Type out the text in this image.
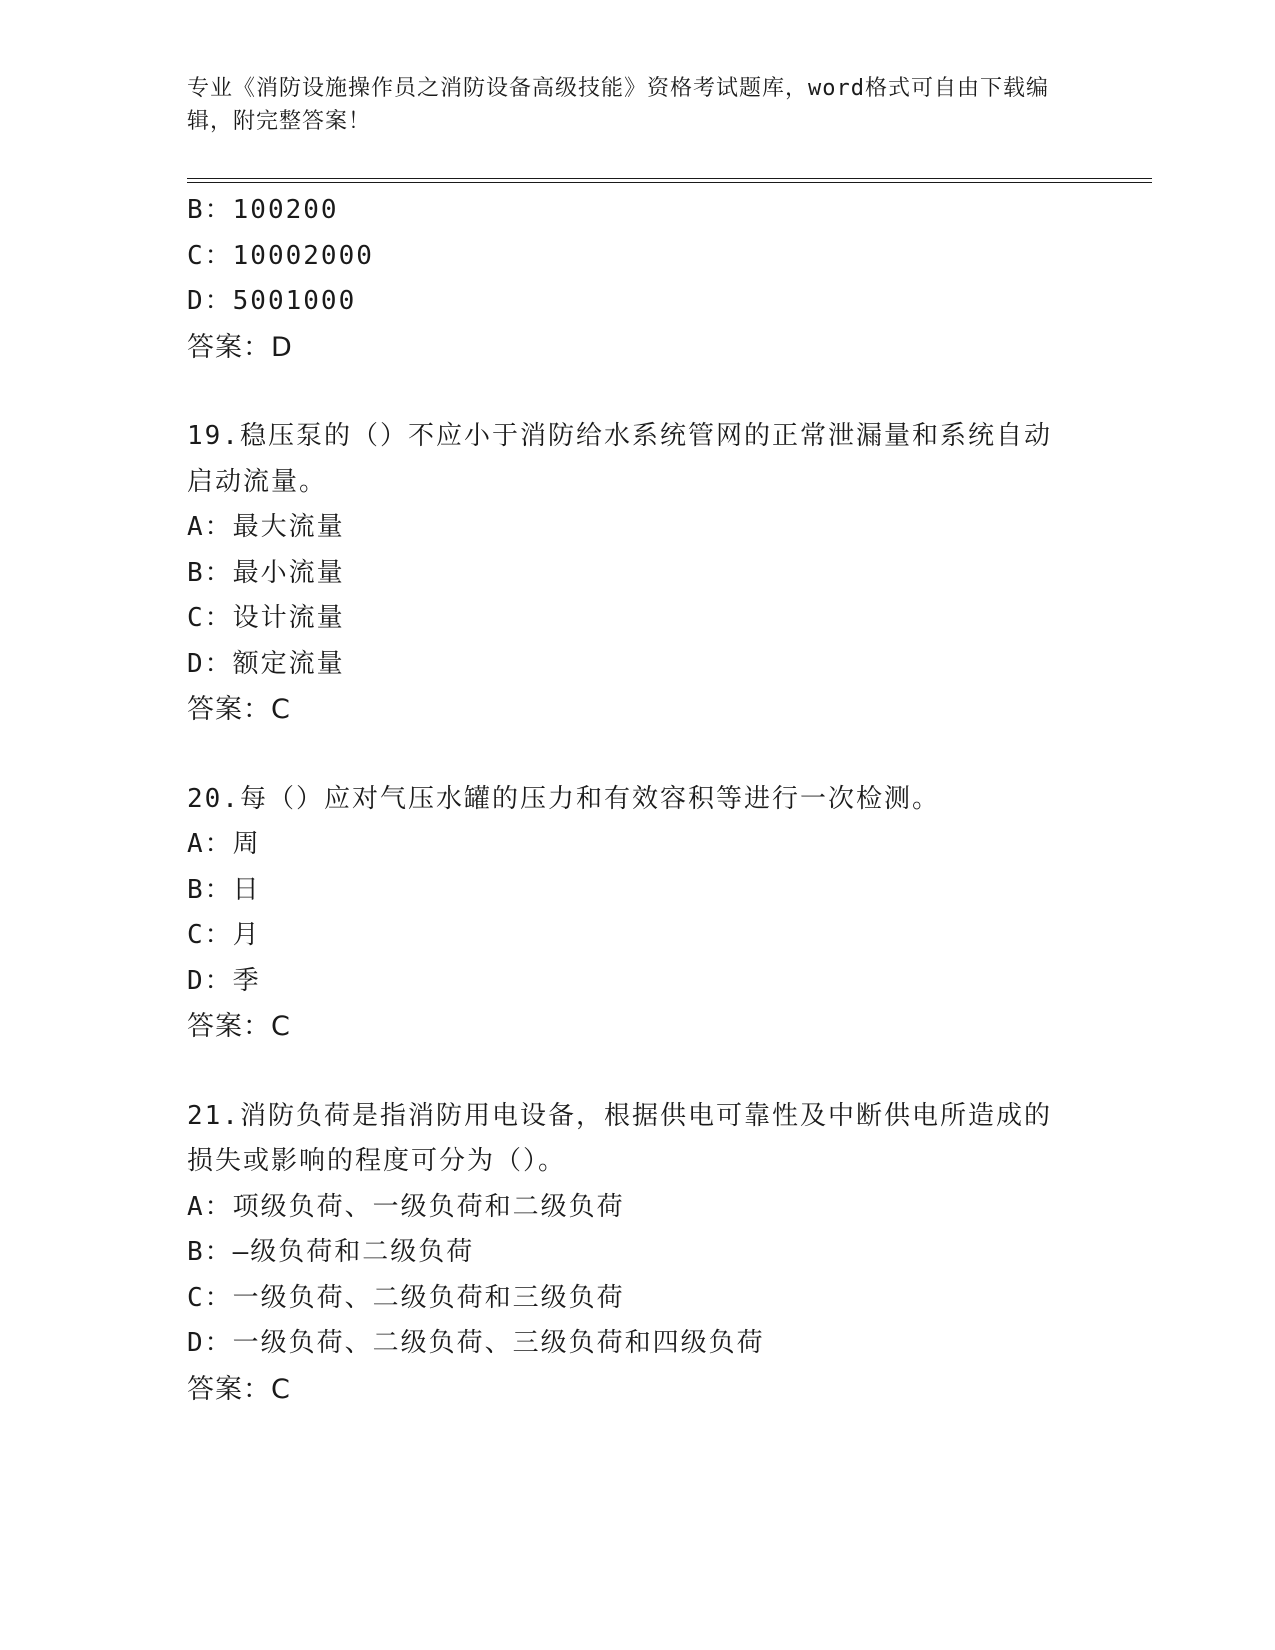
专业《消防设施操作员之消防设备高级技能》资格考试题库，word格式可自由下载编辑，附完整答案！
B：100200
C：10002000
D：5001000
答案：D
19.稳压泵的（）不应小于消防给水系统管网的正常泄漏量和系统自动
启动流量。
A：最大流量
B：最小流量
C：设计流量
D：额定流量
答案：C
20.每（）应对气压水罐的压力和有效容积等进行一次检测。
A：周
B：日
C：月
D：季
答案：C
21.消防负荷是指消防用电设备，根据供电可靠性及中断供电所造成的
损失或影响的程度可分为（）。
A：项级负荷、一级负荷和二级负荷
B：—级负荷和二级负荷
C：一级负荷、二级负荷和三级负荷
D：一级负荷、二级负荷、三级负荷和四级负荷
答案：C
